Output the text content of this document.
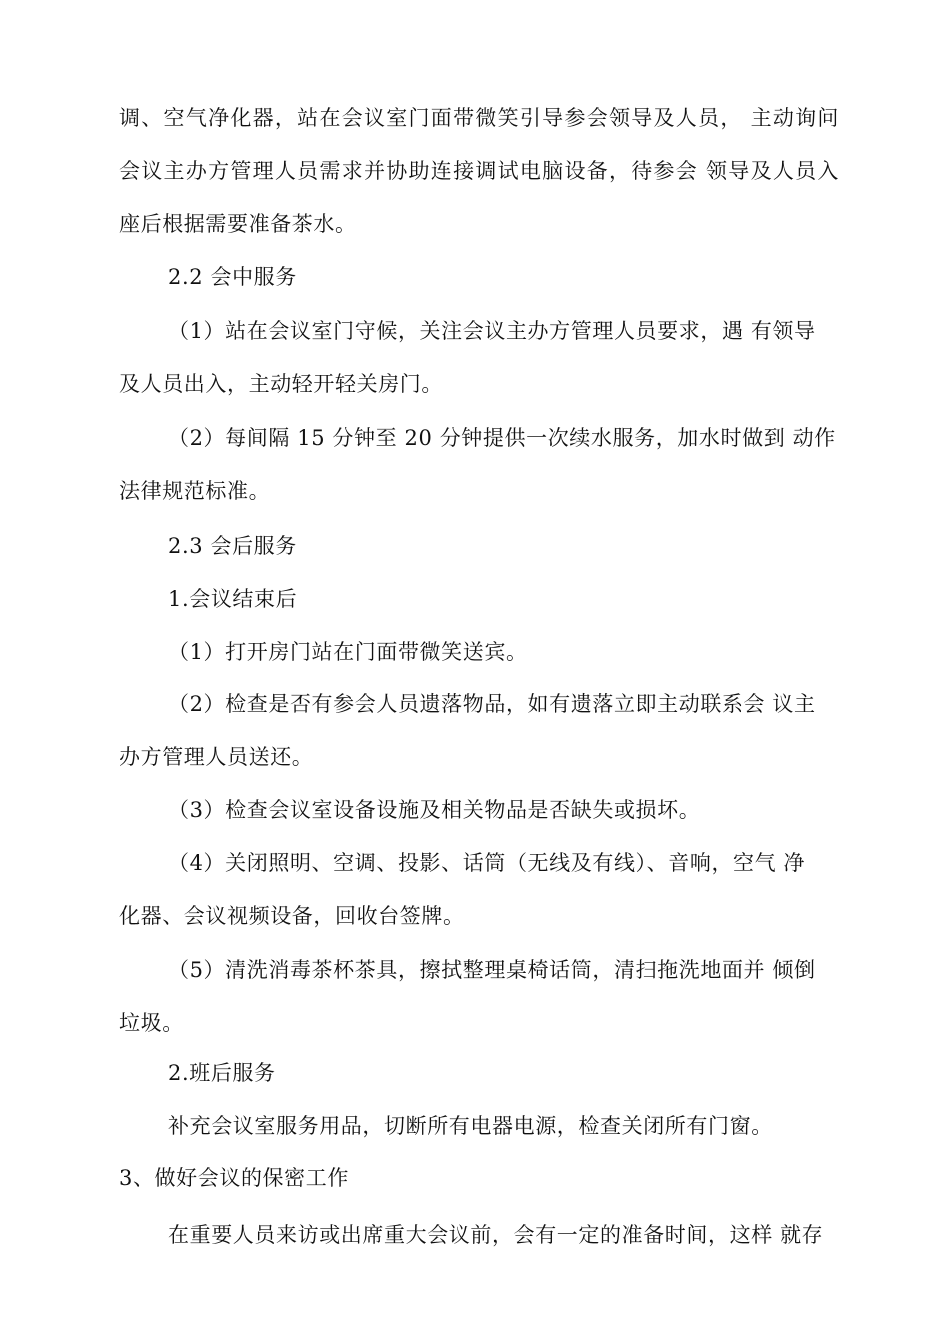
调、空气净化器，站在会议室门面带微笑引导参会领导及人员， 主动询问
会议主办方管理人员需求并协助连接调试电脑设备，待参会 领导及人员入
座后根据需要准备茶水。
2.2 会中服务
（1）站在会议室门守候，关注会议主办方管理人员要求，遇 有领导
及人员出入，主动轻开轻关房门。
（2）每间隔 15 分钟至 20 分钟提供一次续水服务，加水时做到 动作
法律规范标准。
2.3 会后服务
1.会议结束后
（1）打开房门站在门面带微笑送宾。
（2）检查是否有参会人员遗落物品，如有遗落立即主动联系会 议主
办方管理人员送还。
（3）检查会议室设备设施及相关物品是否缺失或损坏。
（4）关闭照明、空调、投影、话筒（无线及有线）、音响，空气 净
化器、会议视频设备，回收台签牌。
（5）清洗消毒茶杯茶具，擦拭整理桌椅话筒，清扫拖洗地面并 倾倒
垃圾。
2.班后服务
补充会议室服务用品，切断所有电器电源，检查关闭所有门窗。
3、做好会议的保密工作
在重要人员来访或出席重大会议前，会有一定的准备时间，这样 就存
